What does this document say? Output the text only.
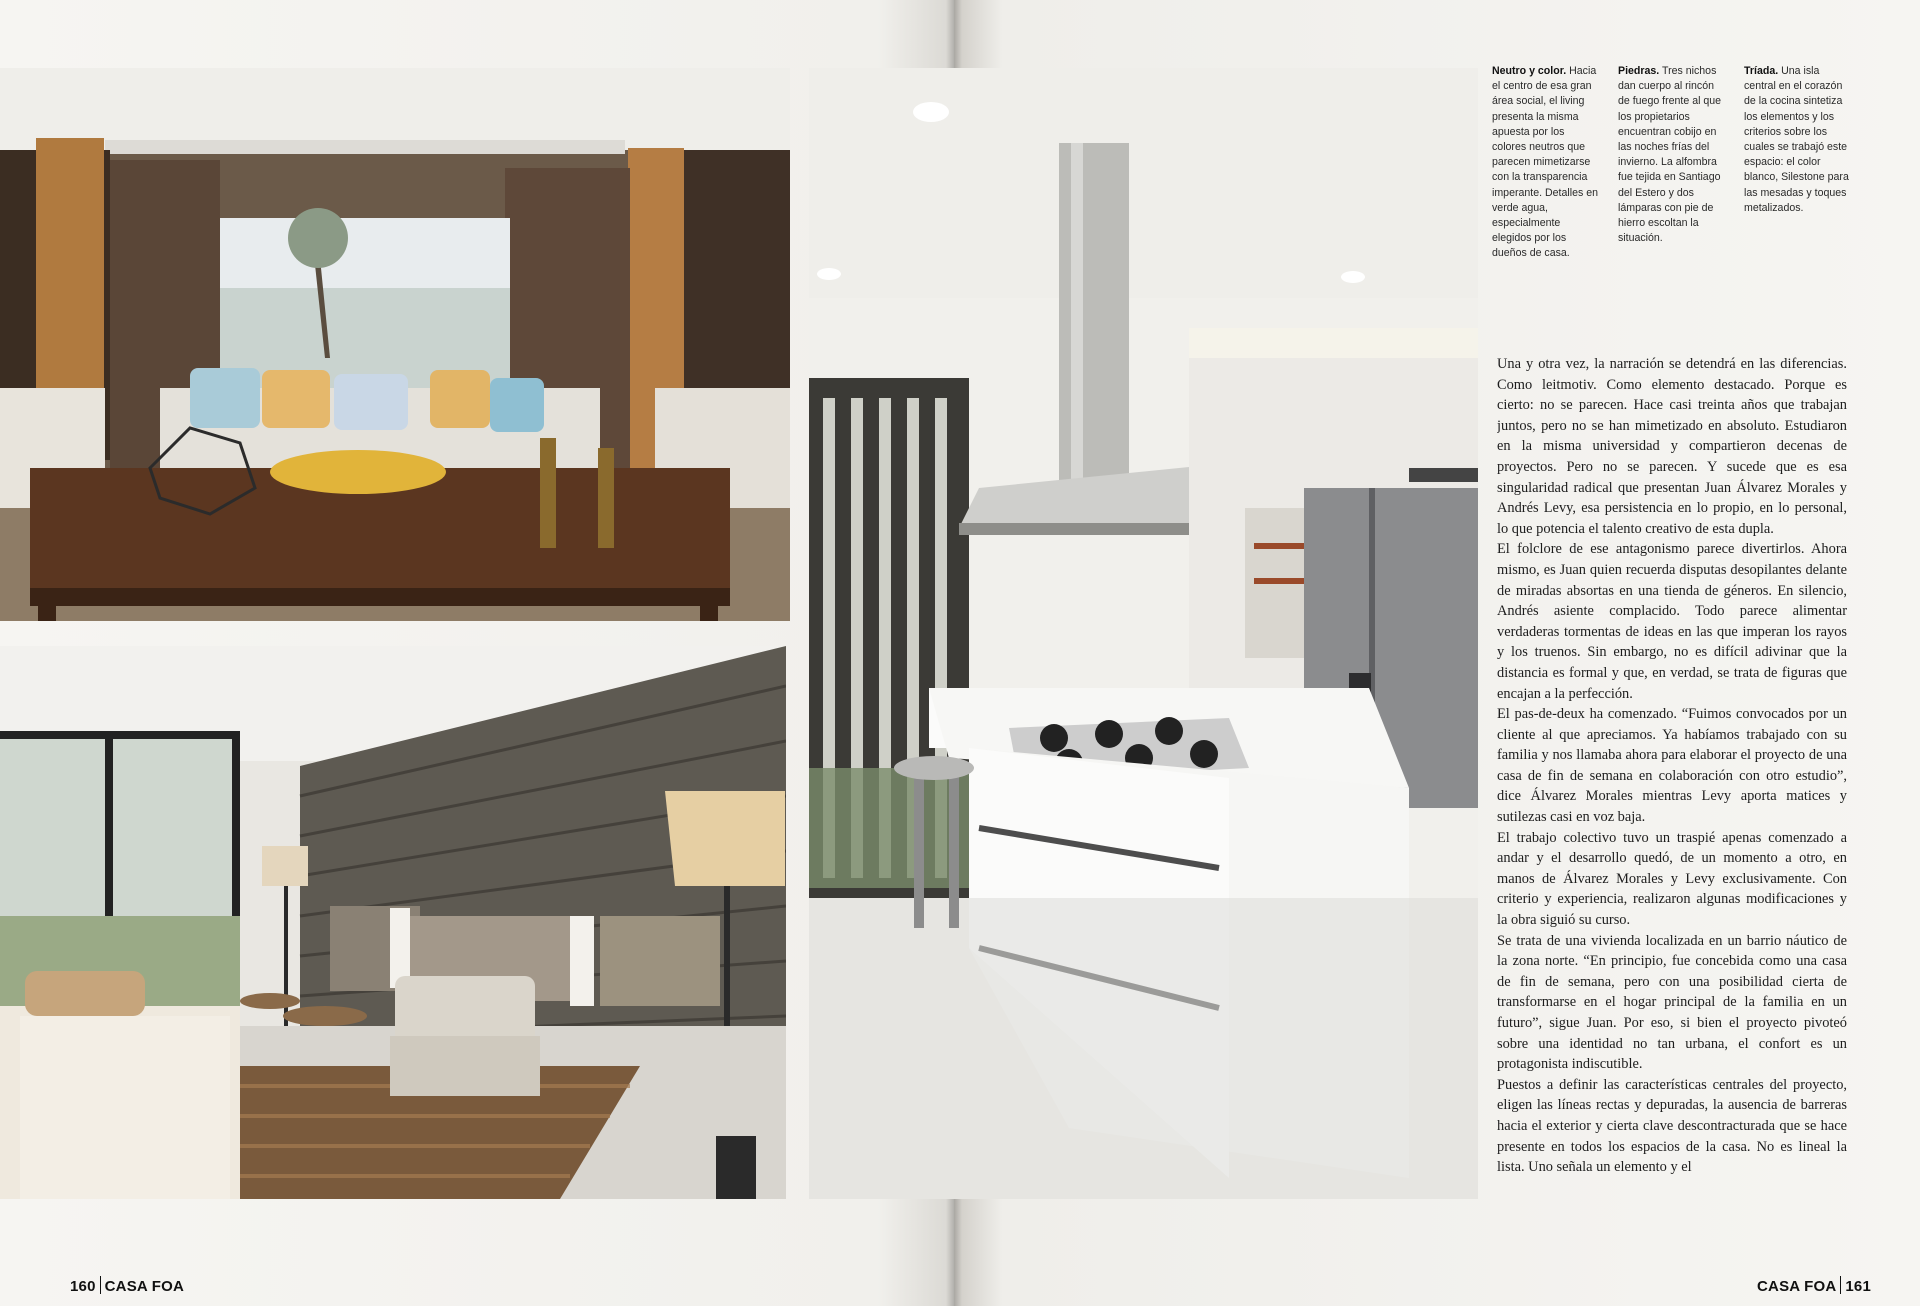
Neutro y color. Hacia el centro de esa gran área social, el living presenta la misma apuesta por los colores neutros que parecen mimetizarse con la transparencia imperante. Detalles en verde agua, especialmente elegidos por los dueños de casa.
Piedras. Tres nichos dan cuerpo al rincón de fuego frente al que los propietarios encuentran cobijo en las noches frías del invierno. La alfombra fue tejida en Santiago del Estero y dos lámparas con pie de hierro escoltan la situación.
Tríada. Una isla central en el corazón de la cocina sintetiza los elementos y los criterios sobre los cuales se trabajó este espacio: el color blanco, Silestone para las mesadas y toques metalizados.

Una y otra vez, la narración se detendrá en las diferencias. Como leitmotiv. Como elemento destacado. Porque es cierto: no se parecen. Hace casi treinta años que trabajan juntos, pero no se han mimetizado en absoluto. Estudiaron en la misma universidad y compartieron decenas de proyectos. Pero no se parecen. Y sucede que es esa singularidad radical que presentan Juan Álvarez Morales y Andrés Levy, esa persistencia en lo propio, en lo personal, lo que potencia el talento creativo de esta dupla.

El folclore de ese antagonismo parece divertirlos. Ahora mismo, es Juan quien recuerda disputas desopilantes delante de miradas absortas en una tienda de géneros. En silencio, Andrés asiente complacido. Todo parece alimentar verdaderas tormentas de ideas en las que imperan los rayos y los truenos. Sin embargo, no es difícil adivinar que la distancia es formal y que, en verdad, se trata de figuras que encajan a la perfección.

El pas-de-deux ha comenzado. “Fuimos convocados por un cliente al que apreciamos. Ya habíamos trabajado con su familia y nos llamaba ahora para elaborar el proyecto de una casa de fin de semana en colaboración con otro estudio”, dice Álvarez Morales mientras Levy aporta matices y sutilezas casi en voz baja.

El trabajo colectivo tuvo un traspié apenas comenzado a andar y el desarrollo quedó, de un momento a otro, en manos de Álvarez Morales y Levy exclusivamente. Con criterio y experiencia, realizaron algunas modificaciones y la obra siguió su curso.

Se trata de una vivienda localizada en un barrio náutico de la zona norte. “En principio, fue concebida como una casa de fin de semana, pero con una posibilidad cierta de transformarse en el hogar principal de la familia en un futuro”, sigue Juan. Por eso, si bien el proyecto pivoteó sobre una identidad no tan urbana, el confort es un protagonista indiscutible.

Puestos a definir las características centrales del proyecto, eligen las líneas rectas y depuradas, la ausencia de barreras hacia el exterior y cierta clave descontracturada que se hace presente en todos los espacios de la casa. No es lineal la lista. Uno señala un elemento y el

160 CASA FOA	CASA FOA 161
